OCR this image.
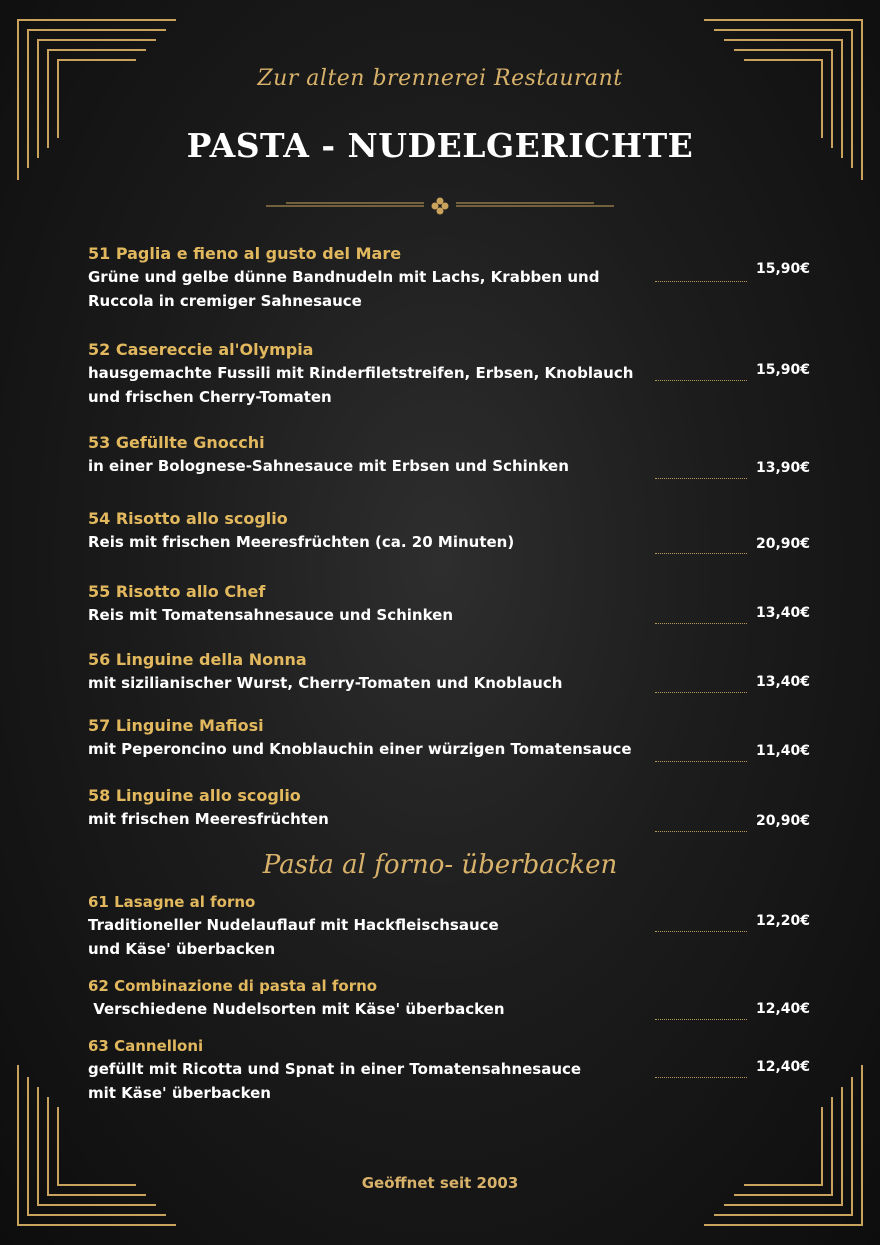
Zur alten brennerei Restaurant
PASTA - NUDELGERICHTE
51 Paglia e fieno al gusto del Mare
Grüne und gelbe dünne Bandnudeln mit Lachs, Krabben und Ruccola in cremiger Sahnesauce
15,90€
52 Casereccie al'Olympia
hausgemachte Fussili mit Rinderfiletstreifen, Erbsen, Knoblauch und frischen Cherry-Tomaten
15,90€
53 Gefüllte Gnocchi
in einer Bolognese-Sahnesauce mit Erbsen und Schinken	13,90€
54 Risotto allo scoglio
Reis mit frischen Meeresfrüchten (ca. 20 Minuten)	20,90€
55 Risotto allo Chef
Reis mit Tomatensahnesauce und Schinken	13,40€
56 Linguine della Nonna
mit sizilianischer Wurst, Cherry-Tomaten und Knoblauch	13,40€
57 Linguine Mafiosi
mit Peperoncino und Knoblauchin einer würzigen Tomatensauce	11,40€
58 Linguine allo scoglio
mit frischen Meeresfrüchten	20,90€
Pasta al forno- überbacken
61 Lasagne al forno
Traditioneller Nudelauflauf mit Hackfleischsauce und Käse' überbacken
12,20€
62 Combinazione di pasta al forno
Verschiedene Nudelsorten mit Käse' überbacken	12,40€
63 Cannelloni
gefüllt mit Ricotta und Spnat in einer Tomatensahnesauce mit Käse' überbacken
12,40€
Geöffnet seit 2003
